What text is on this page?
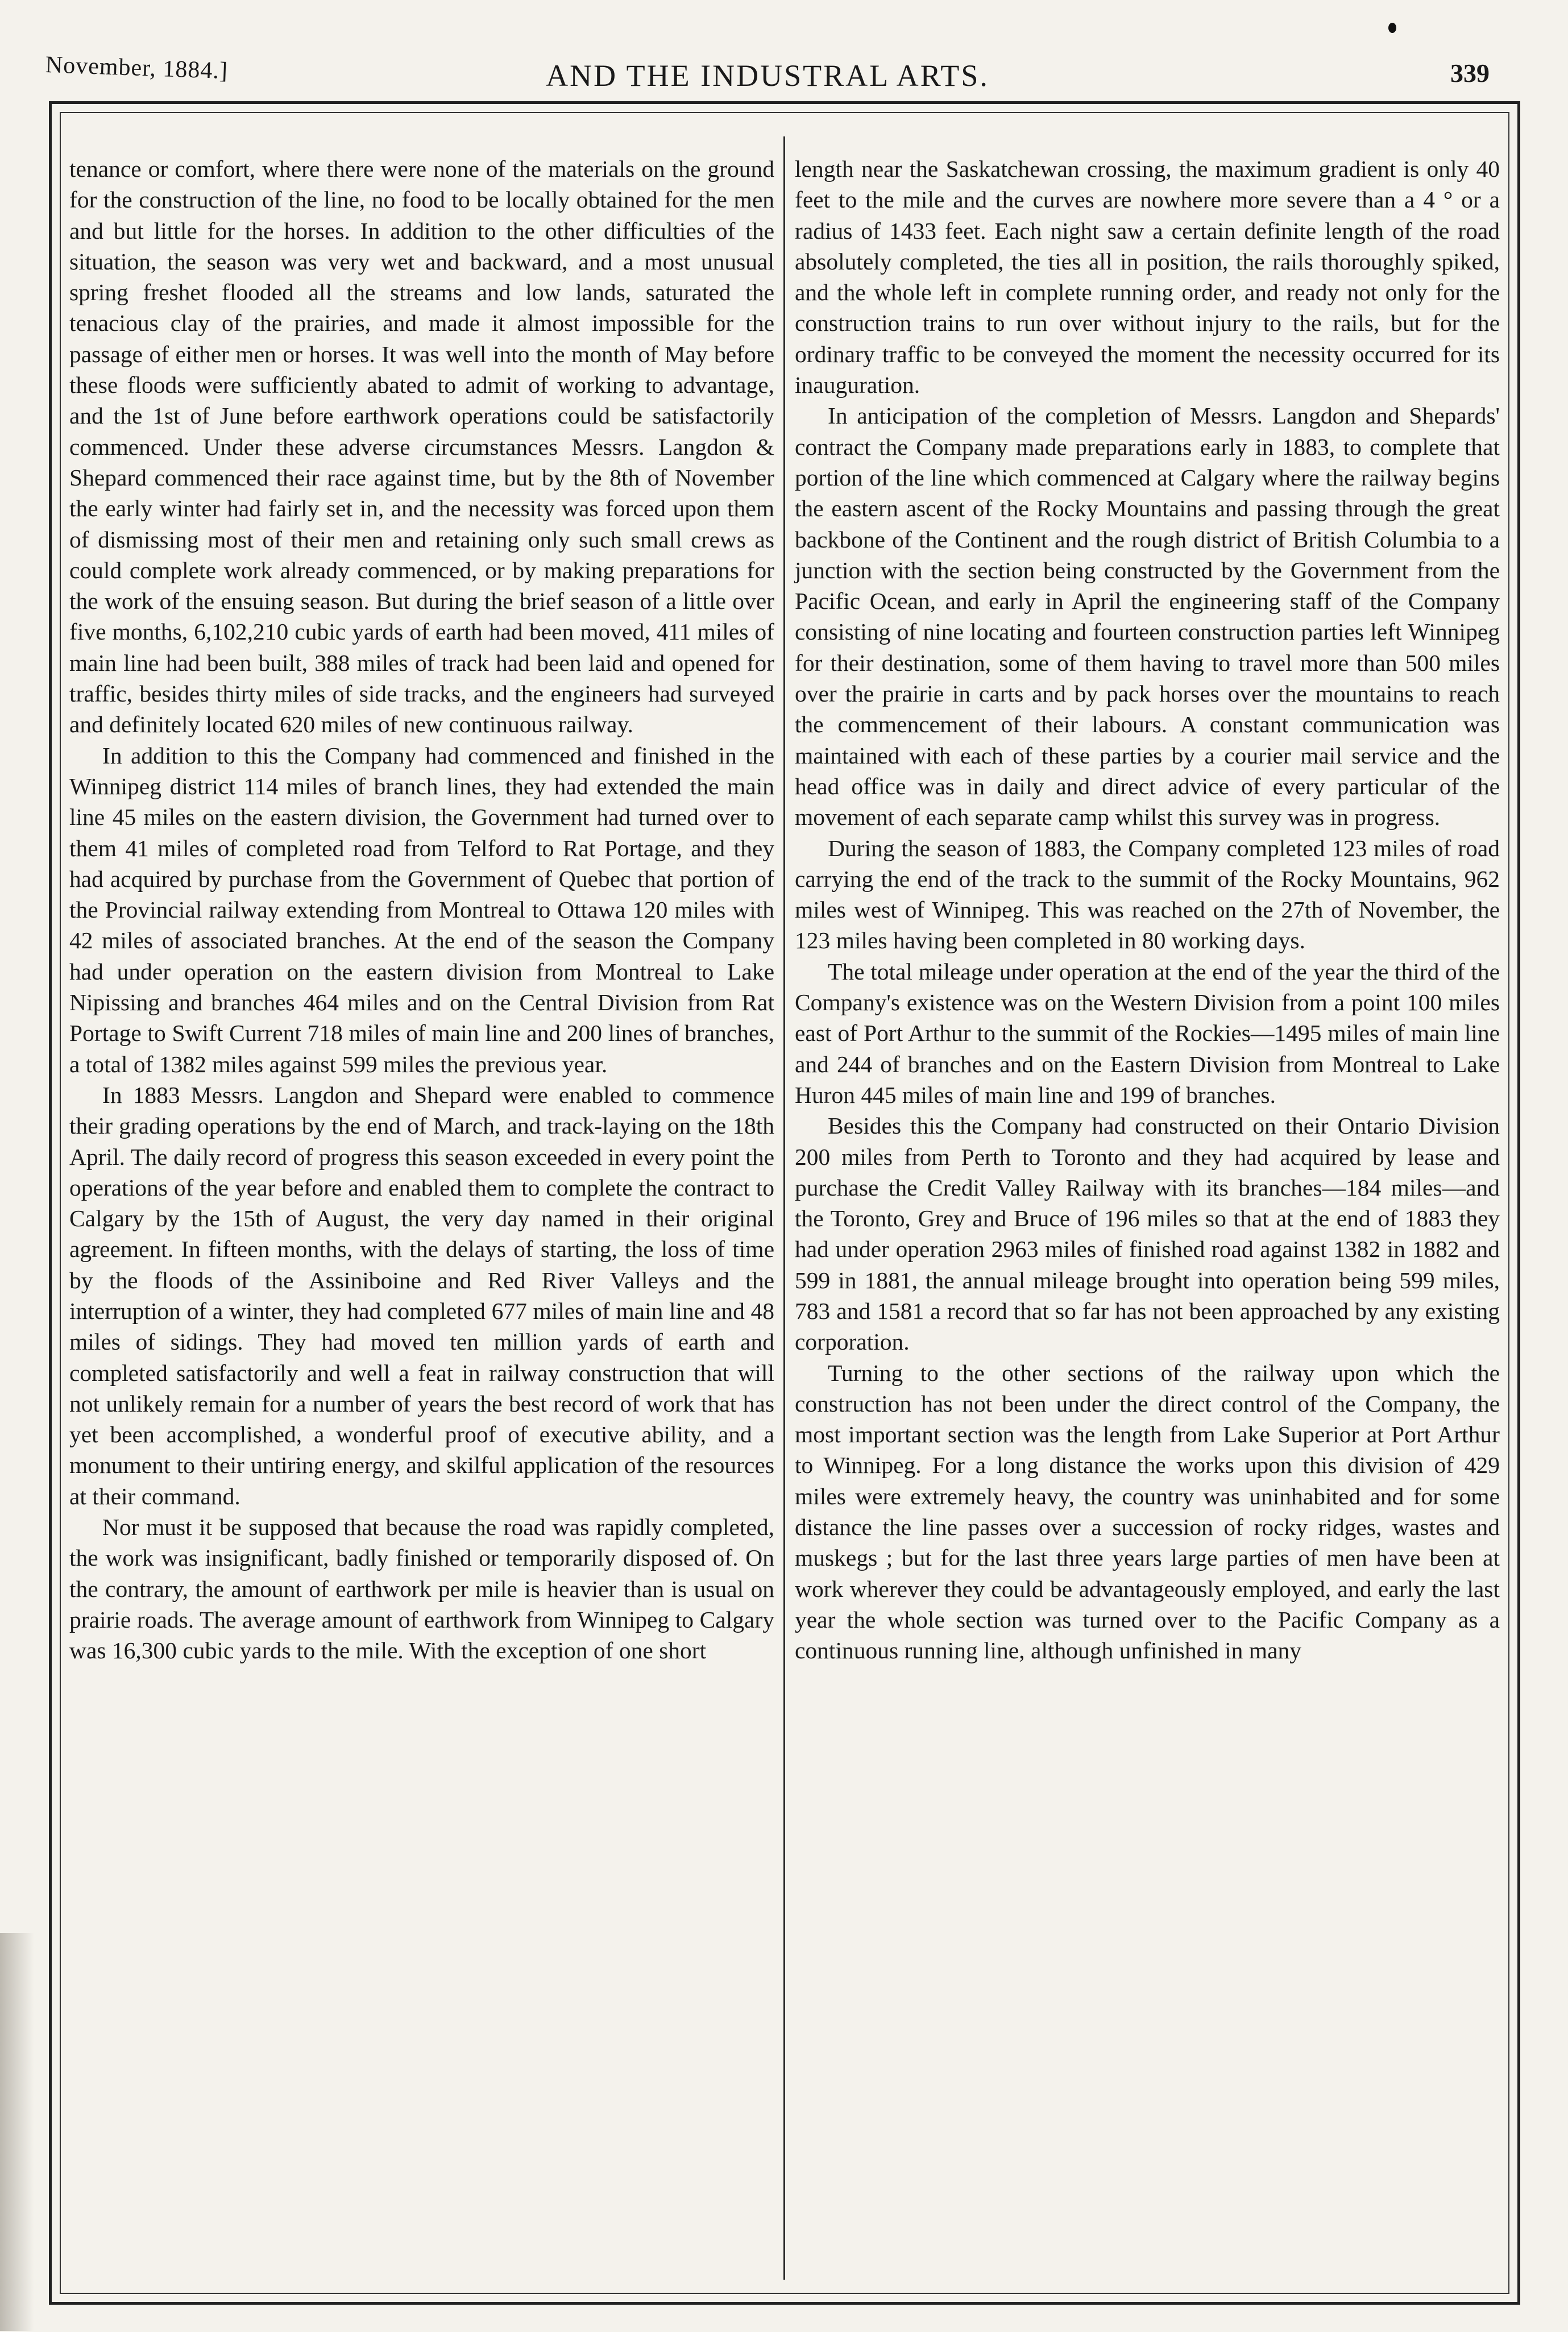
November, 1884.]	AND THE INDUSTRAL ARTS.	339

tenance or comfort, where there were none of the materials on the ground for the construction of the line, no food to be locally obtained for the men and but little for the horses. In addition to the other difficulties of the situation, the season was very wet and backward, and a most unusual spring freshet flooded all the streams and low lands, saturated the tenacious clay of the prairies, and made it almost impossible for the passage of either men or horses. It was well into the month of May before these floods were sufficiently abated to admit of working to advantage, and the 1st of June before earthwork operations could be satisfactorily commenced. Under these adverse circumstances Messrs. Langdon & Shepard commenced their race against time, but by the 8th of November the early winter had fairly set in, and the necessity was forced upon them of dismissing most of their men and retaining only such small crews as could complete work already commenced, or by making preparations for the work of the ensuing season. But during the brief season of a little over five months, 6,102,210 cubic yards of earth had been moved, 411 miles of main line had been built, 388 miles of track had been laid and opened for traffic, besides thirty miles of side tracks, and the engineers had surveyed and definitely located 620 miles of new continuous railway.

In addition to this the Company had commenced and finished in the Winnipeg district 114 miles of branch lines, they had extended the main line 45 miles on the eastern division, the Government had turned over to them 41 miles of completed road from Telford to Rat Portage, and they had acquired by purchase from the Government of Quebec that portion of the Provincial railway extending from Montreal to Ottawa 120 miles with 42 miles of associated branches. At the end of the season the Company had under operation on the eastern division from Montreal to Lake Nipissing and branches 464 miles and on the Central Division from Rat Portage to Swift Current 718 miles of main line and 200 lines of branches, a total of 1382 miles against 599 miles the previous year.

In 1883 Messrs. Langdon and Shepard were enabled to commence their grading operations by the end of March, and track-laying on the 18th April. The daily record of progress this season exceeded in every point the operations of the year before and enabled them to complete the contract to Calgary by the 15th of August, the very day named in their original agreement. In fifteen months, with the delays of starting, the loss of time by the floods of the Assiniboine and Red River Valleys and the interruption of a winter, they had completed 677 miles of main line and 48 miles of sidings. They had moved ten million yards of earth and completed satisfactorily and well a feat in railway construction that will not unlikely remain for a number of years the best record of work that has yet been accomplished, a wonderful proof of executive ability, and a monument to their untiring energy, and skilful application of the resources at their command.

Nor must it be supposed that because the road was rapidly completed, the work was insignificant, badly finished or temporarily disposed of. On the contrary, the amount of earthwork per mile is heavier than is usual on prairie roads. The average amount of earthwork from Winnipeg to Calgary was 16,300 cubic yards to the mile. With the exception of one short

length near the Saskatchewan crossing, the maximum gradient is only 40 feet to the mile and the curves are nowhere more severe than a 4 ° or a radius of 1433 feet. Each night saw a certain definite length of the road absolutely completed, the ties all in position, the rails thoroughly spiked, and the whole left in complete running order, and ready not only for the construction trains to run over without injury to the rails, but for the ordinary traffic to be conveyed the moment the necessity occurred for its inauguration.

In anticipation of the completion of Messrs. Langdon and Shepards' contract the Company made preparations early in 1883, to complete that portion of the line which commenced at Calgary where the railway begins the eastern ascent of the Rocky Mountains and passing through the great backbone of the Continent and the rough district of British Columbia to a junction with the section being constructed by the Government from the Pacific Ocean, and early in April the engineering staff of the Company consisting of nine locating and fourteen construction parties left Winnipeg for their destination, some of them having to travel more than 500 miles over the prairie in carts and by pack horses over the mountains to reach the commencement of their labours. A constant communication was maintained with each of these parties by a courier mail service and the head office was in daily and direct advice of every particular of the movement of each separate camp whilst this survey was in progress.

During the season of 1883, the Company completed 123 miles of road carrying the end of the track to the summit of the Rocky Mountains, 962 miles west of Winnipeg. This was reached on the 27th of November, the 123 miles having been completed in 80 working days.

The total mileage under operation at the end of the year the third of the Company's existence was on the Western Division from a point 100 miles east of Port Arthur to the summit of the Rockies—1495 miles of main line and 244 of branches and on the Eastern Division from Montreal to Lake Huron 445 miles of main line and 199 of branches.

Besides this the Company had constructed on their Ontario Division 200 miles from Perth to Toronto and they had acquired by lease and purchase the Credit Valley Railway with its branches—184 miles—and the Toronto, Grey and Bruce of 196 miles so that at the end of 1883 they had under operation 2963 miles of finished road against 1382 in 1882 and 599 in 1881, the annual mileage brought into operation being 599 miles, 783 and 1581 a record that so far has not been approached by any existing corporation.

Turning to the other sections of the railway upon which the construction has not been under the direct control of the Company, the most important section was the length from Lake Superior at Port Arthur to Winnipeg. For a long distance the works upon this division of 429 miles were extremely heavy, the country was uninhabited and for some distance the line passes over a succession of rocky ridges, wastes and muskegs ; but for the last three years large parties of men have been at work wherever they could be advantageously employed, and early the last year the whole section was turned over to the Pacific Company as a continuous running line, although unfinished in many
